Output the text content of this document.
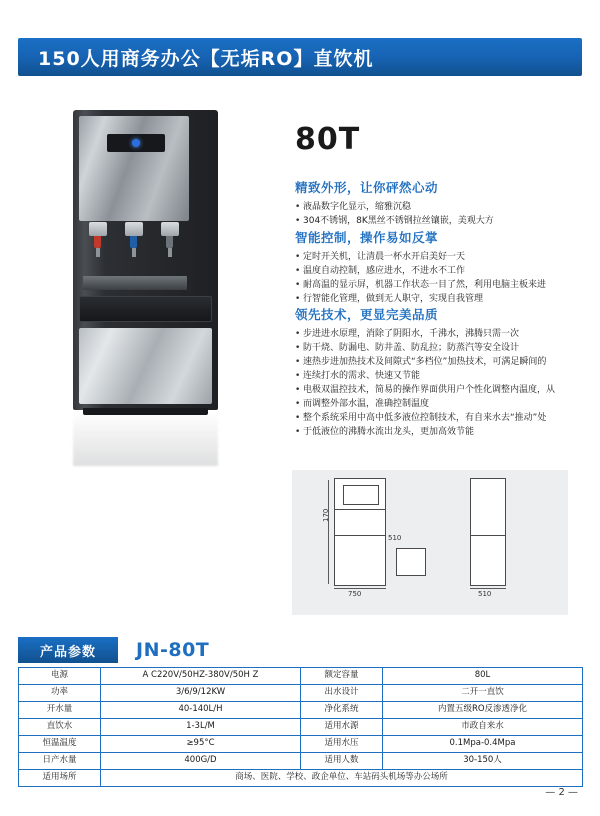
150人用商务办公【无垢RO】直饮机
80T
精致外形，让你砰然心动
• 液晶数字化显示，缩雅沉稳
• 304不锈钢，8K黑丝不锈钢拉丝镶嵌，美观大方
智能控制，操作易如反掌
• 定时开关机，让清晨一杯水开启美好一天
• 温度自动控制，感应进水，不进水不工作
• 耐高温的显示屏，机器工作状态一目了然，利用电脑主板来进
• 行智能化管理，做到无人职守，实现自我管理
领先技术，更显完美品质
• 步进进水原理，消除了阴阳水，千沸水，沸腾只需一次
• 防干烧、防漏电、防井盖、防乱拉；防蒸汽等安全设计
• 速热步进加热技术及间隙式“多档位”加热技术，可满足瞬间的
• 连续打水的需求、快速又节能
• 电极双温控技术，简易的操作界面供用户个性化调整内温度，从
• 而调整外部水温，准确控制温度
• 整个系统采用中高中低多液位控制技术，有自来水去“推动”处
• 于低液位的沸腾水流出龙头，更加高效节能
170
510
750	510
产品参数	JN-80T
电源	A C220V/50HZ-380V/50H Z	额定容量	80L
功率	3/6/9/12KW	出水设计	二开一直饮
开水量	40-140L/H	净化系统	内置五级RO反渗透净化
直饮水	1-3L/M	适用水源	市政自来水
恒温温度	≥95°C	适用水压	0.1Mpa-0.4Mpa
日产水量	400G/D	适用人数	30-150人
适用场所	商场、医院、学校、政企单位、车站码头机场等办公场所		
— 2 —
